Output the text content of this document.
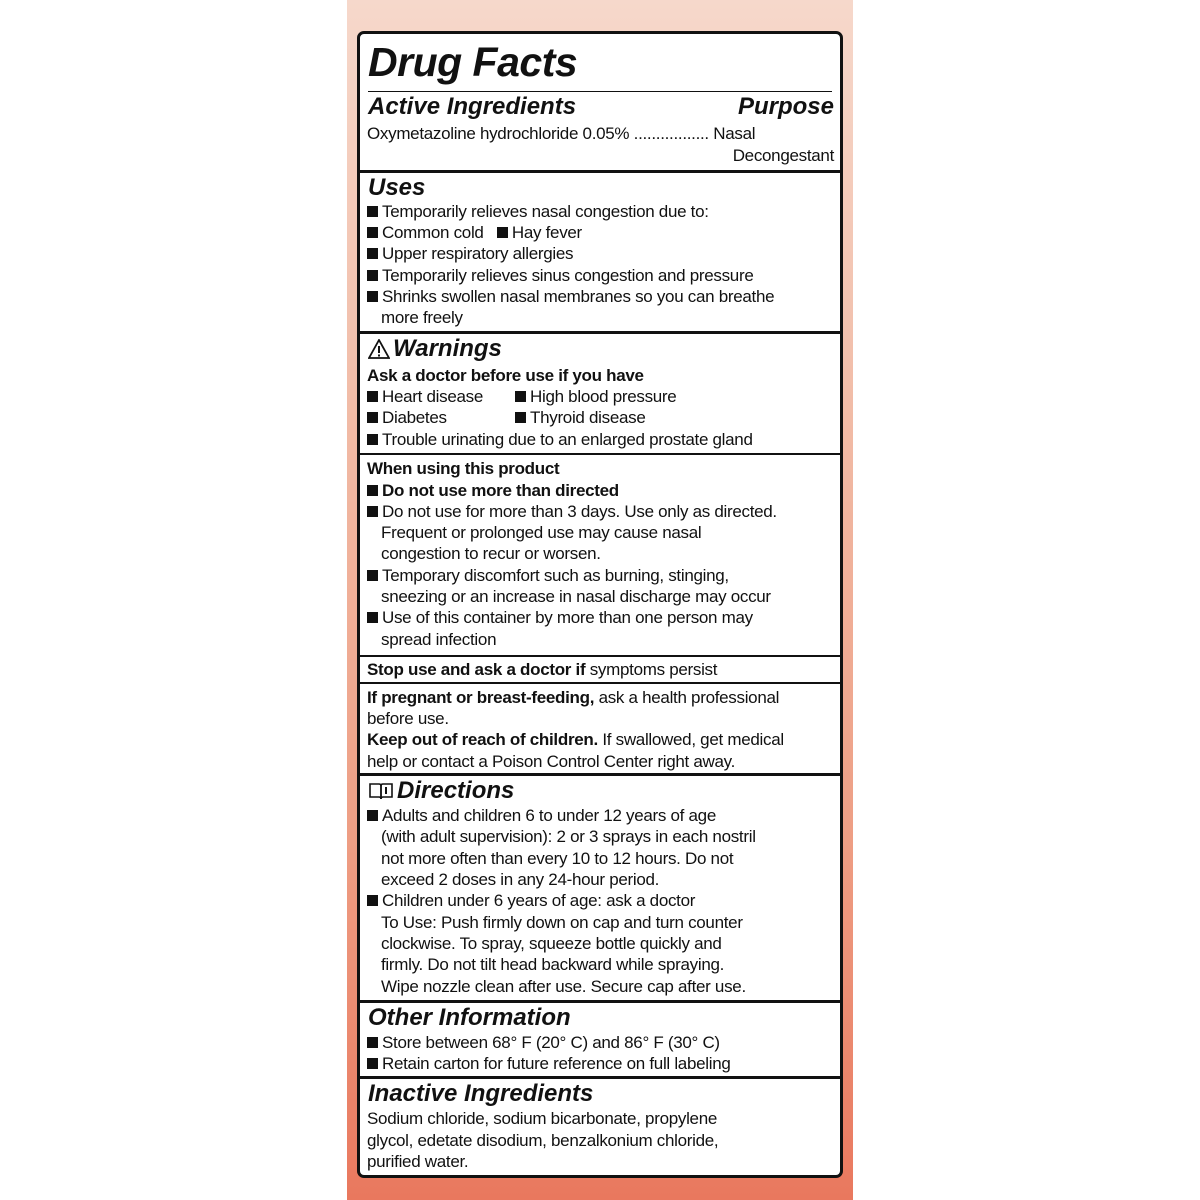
Drug Facts
Active Ingredients	Purpose
Oxymetazoline hydrochloride 0.05% ................. Nasal
Decongestant
Uses
Temporarily relieves nasal congestion due to:
Common cold Hay fever
Upper respiratory allergies
Temporarily relieves sinus congestion and pressure
Shrinks swollen nasal membranes so you can breathe
more freely
Warnings
Ask a doctor before use if you have
Heart disease	High blood pressure
Diabetes	Thyroid disease
Trouble urinating due to an enlarged prostate gland
When using this product
Do not use more than directed
Do not use for more than 3 days. Use only as directed.
Frequent or prolonged use may cause nasal
congestion to recur or worsen.
Temporary discomfort such as burning, stinging,
sneezing or an increase in nasal discharge may occur
Use of this container by more than one person may
spread infection
Stop use and ask a doctor if symptoms persist
If pregnant or breast-feeding, ask a health professional
before use.
Keep out of reach of children. If swallowed, get medical
help or contact a Poison Control Center right away.
Directions
Adults and children 6 to under 12 years of age
(with adult supervision): 2 or 3 sprays in each nostril
not more often than every 10 to 12 hours. Do not
exceed 2 doses in any 24-hour period.
Children under 6 years of age: ask a doctor
To Use: Push firmly down on cap and turn counter
clockwise. To spray, squeeze bottle quickly and
firmly. Do not tilt head backward while spraying.
Wipe nozzle clean after use. Secure cap after use.
Other Information
Store between 68° F (20° C) and 86° F (30° C)
Retain carton for future reference on full labeling
Inactive Ingredients
Sodium chloride, sodium bicarbonate, propylene
glycol, edetate disodium, benzalkonium chloride,
purified water.
